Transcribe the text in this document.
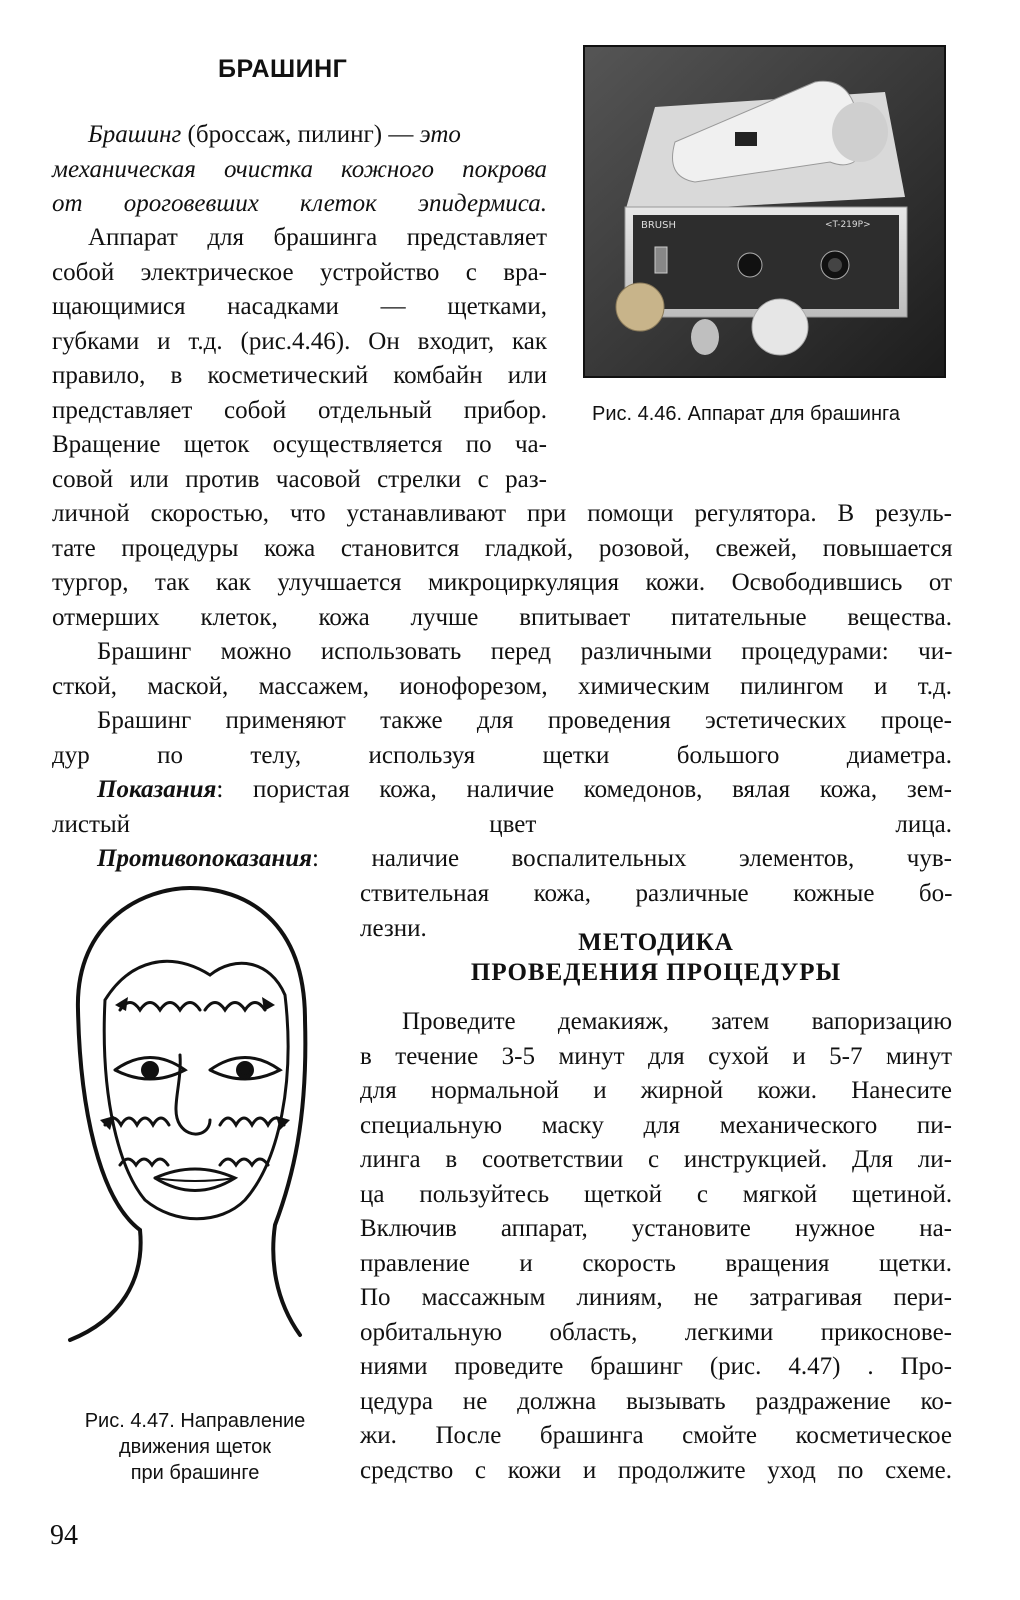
БРАШИНГ
Брашинг (броссаж, пилинг) — это
механическая очистка кожного покрова
от ороговевших клеток эпидермиса.
Аппарат для брашинга представляет
собой электрическое устройство с вра-
щающимися насадками — щетками,
губками и т.д. (рис.4.46). Он входит, как
правило, в косметический комбайн или
представляет собой отдельный прибор.
Вращение щеток осуществляется по ча-
совой или против часовой стрелки с раз-
личной скоростью, что устанавливают при помощи регулятора. В резуль-
тате процедуры кожа становится гладкой, розовой, свежей, повышается
тургор, так как улучшается микроциркуляция кожи. Освободившись от
отмерших клеток, кожа лучше впитывает питательные вещества.
Брашинг можно использовать перед различными процедурами: чи-
сткой, маской, массажем, ионофорезом, химическим пилингом и т.д.
Брашинг применяют также для проведения эстетических проце-
дур по телу, используя щетки большого диаметра.
Показания: пористая кожа, наличие комедонов, вялая кожа, зем-
листый цвет лица.
Противопоказания: наличие воспалительных элементов, чув-
ствительная кожа, различные кожные бо-
лезни.
МЕТОДИКА
ПРОВЕДЕНИЯ ПРОЦЕДУРЫ
Проведите демакияж, затем вапоризацию
в течение 3-5 минут для сухой и 5-7 минут
для нормальной и жирной кожи. Нанесите
специальную маску для механического пи-
линга в соответствии с инструкцией. Для ли-
ца пользуйтесь щеткой с мягкой щетиной.
Включив аппарат, установите нужное на-
правление и скорость вращения щетки.
По массажным линиям, не затрагивая пери-
орбитальную область, легкими прикоснове-
ниями проведите брашинг (рис. 4.47) . Про-
цедура не должна вызывать раздражение ко-
жи. После брашинга смойте косметическое
средство с кожи и продолжите уход по схеме.
BRUSH	<T-219P>
Рис. 4.46. Аппарат для брашинга
Рис. 4.47. Направление
движения щеток
при брашинге
94
